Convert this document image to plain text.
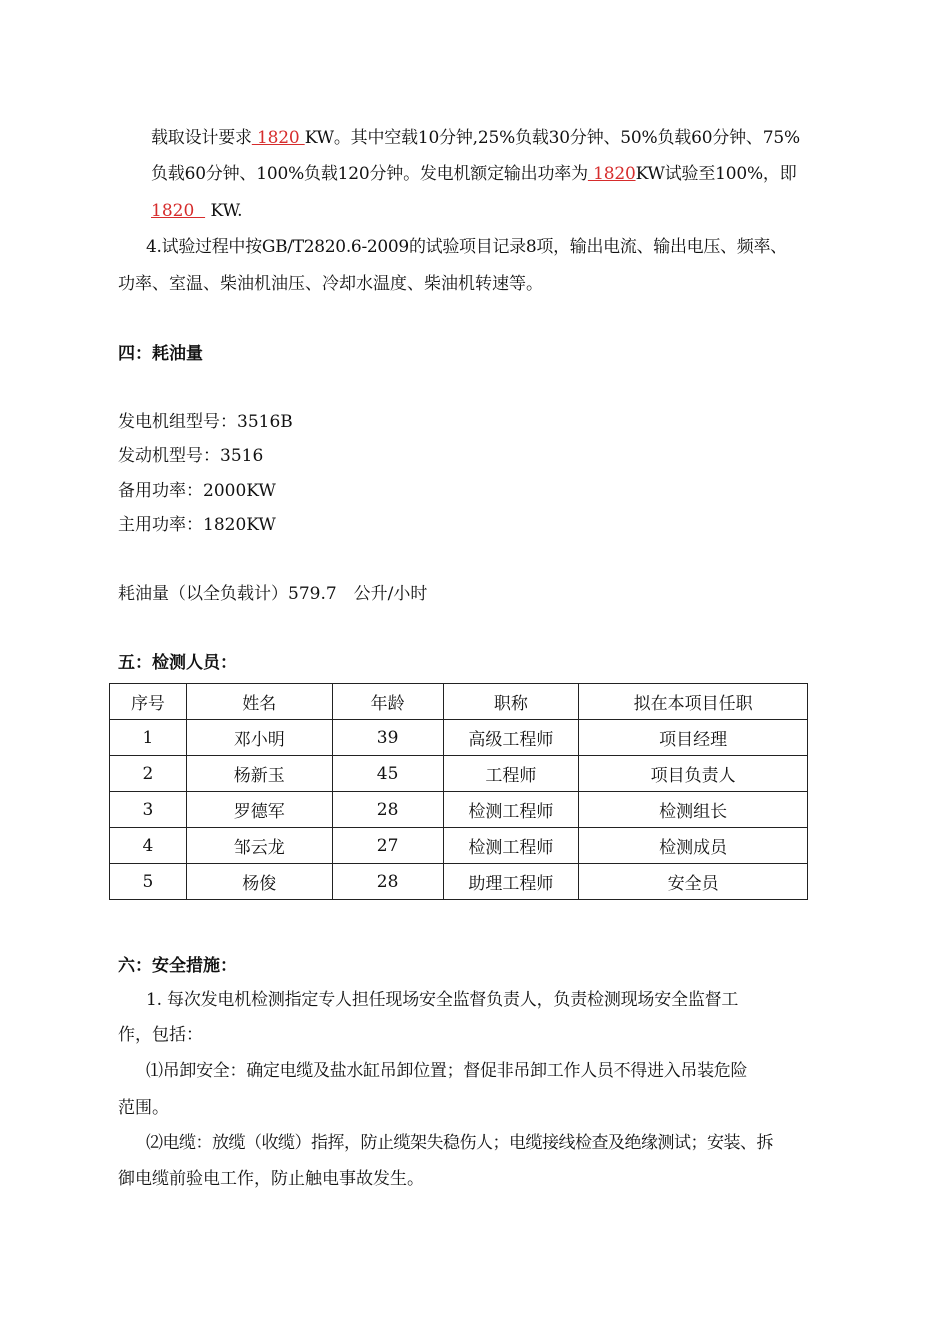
载取设计要求 1820 KW。其中空载10分钟,25%负载30分钟、50%负载60分钟、75%
负载60分钟、100%负载120分钟。发电机额定输出功率为 1820KW试验至100%，即
1820   KW.
4.试验过程中按GB/T2820.6-2009的试验项目记录8项，输出电流、输出电压、频率、
功率、室温、柴油机油压、冷却水温度、柴油机转速等。
四：耗油量
发电机组型号：3516B
发动机型号：3516
备用功率：2000KW
主用功率：1820KW
耗油量（以全负载计）579.7　公升/小时
五：检测人员：
序号	姓名	年龄	职称	拟在本项目任职
1	邓小明	39	高级工程师	项目经理
2	杨新玉	45	工程师	项目负责人
3	罗德军	28	检测工程师	检测组长
4	邹云龙	27	检测工程师	检测成员
5	杨俊	28	助理工程师	安全员
六：安全措施：
1. 每次发电机检测指定专人担任现场安全监督负责人，负责检测现场安全监督工
作，包括：
⑴吊卸安全：确定电缆及盐水缸吊卸位置；督促非吊卸工作人员不得进入吊装危险
范围。
⑵电缆：放缆（收缆）指挥，防止缆架失稳伤人；电缆接线检查及绝缘测试；安装、拆
御电缆前验电工作，防止触电事故发生。
